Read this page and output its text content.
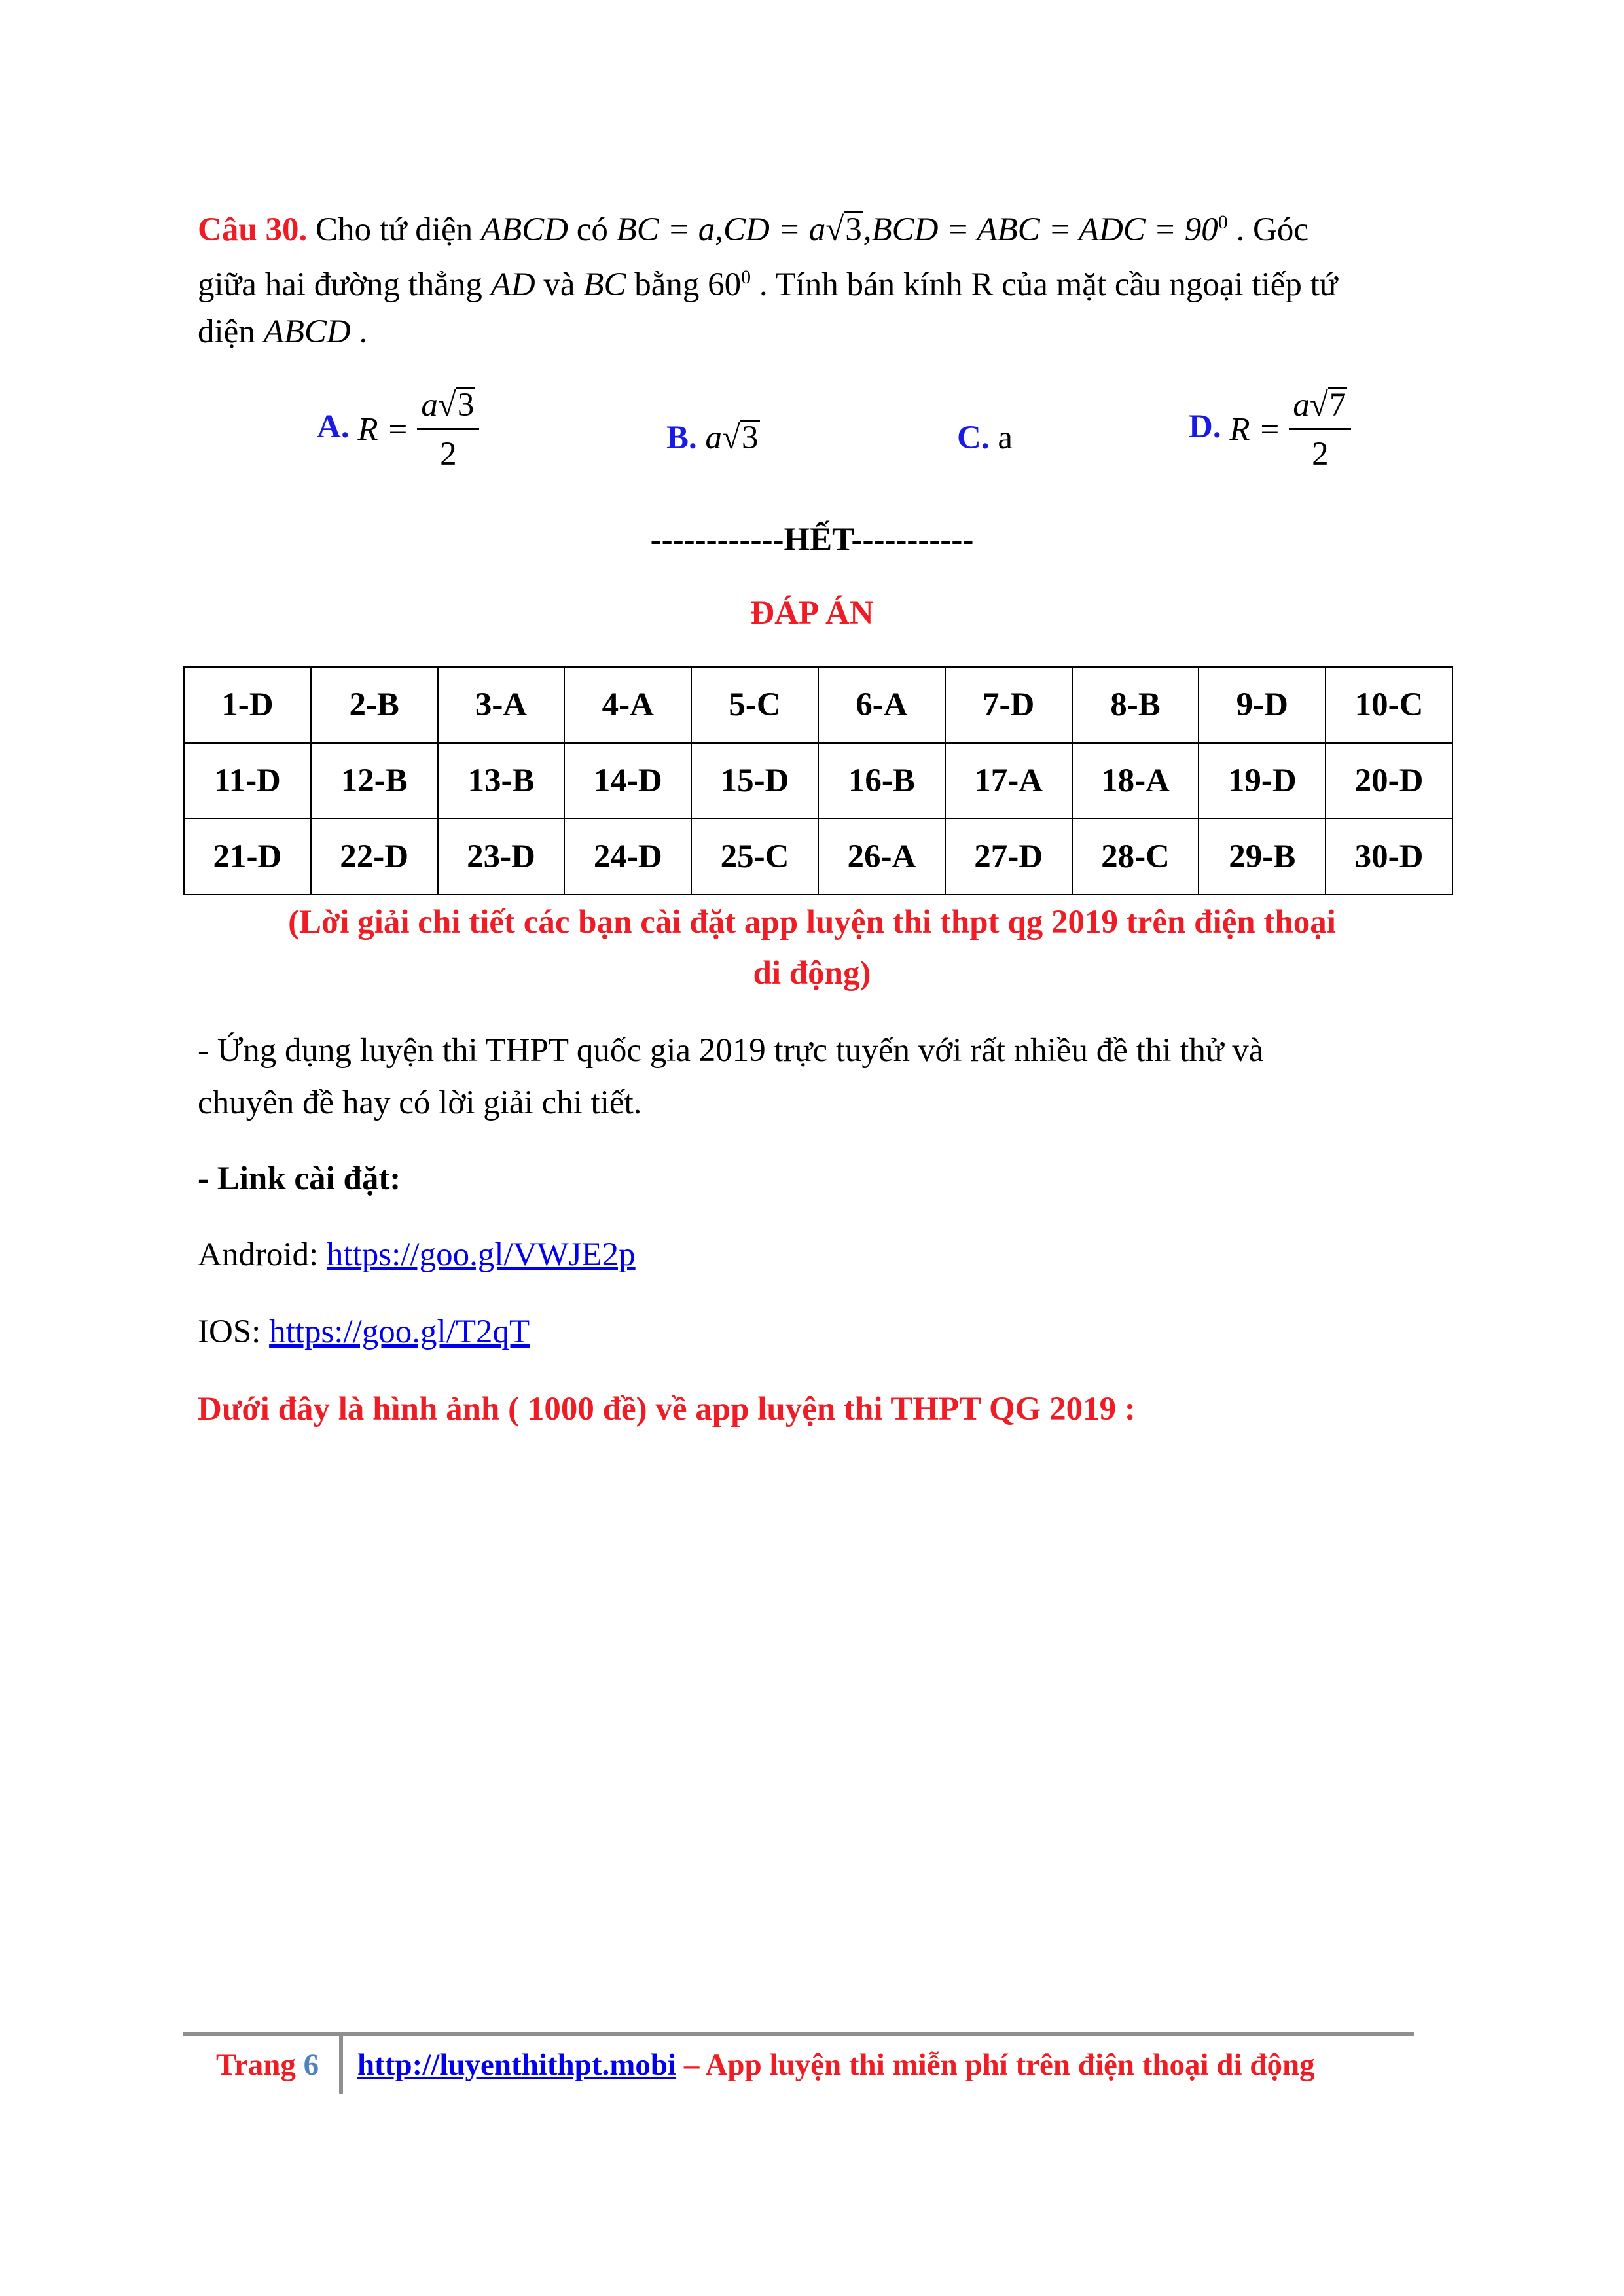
Câu 30. Cho tứ diện ABCD có BC = a,CD = a√3,BCD = ABC = ADC = $90^0$ . Góc
giữa hai đường thẳng AD và BC bằng $60^0$ . Tính bán kính R của mặt cầu ngoại tiếp tứ
diện ABCD .
A. $R = \frac{a√3}{2}$	B. a√3	C. a	D. $R = \frac{a√7}{2}$
------------HẾT-----------
ĐÁP ÁN
1-D	2-B	3-A	4-A	5-C	6-A	7-D	8-B	9-D	10-C
11-D	12-B	13-B	14-D	15-D	16-B	17-A	18-A	19-D	20-D
21-D	22-D	23-D	24-D	25-C	26-A	27-D	28-C	29-B	30-D
(Lời giải chi tiết các bạn cài đặt app luyện thi thpt qg 2019 trên điện thoại
di động)
- Ứng dụng luyện thi THPT quốc gia 2019 trực tuyến với rất nhiều đề thi thử và
chuyên đề hay có lời giải chi tiết.
- Link cài đặt:
Android: https://goo.gl/VWJE2p
IOS: https://goo.gl/T2qT
Dưới đây là hình ảnh ( 1000 đề) về app luyện thi THPT QG 2019 :
Trang 6 http://luyenthithpt.mobi – App luyện thi miễn phí trên điện thoại di động
